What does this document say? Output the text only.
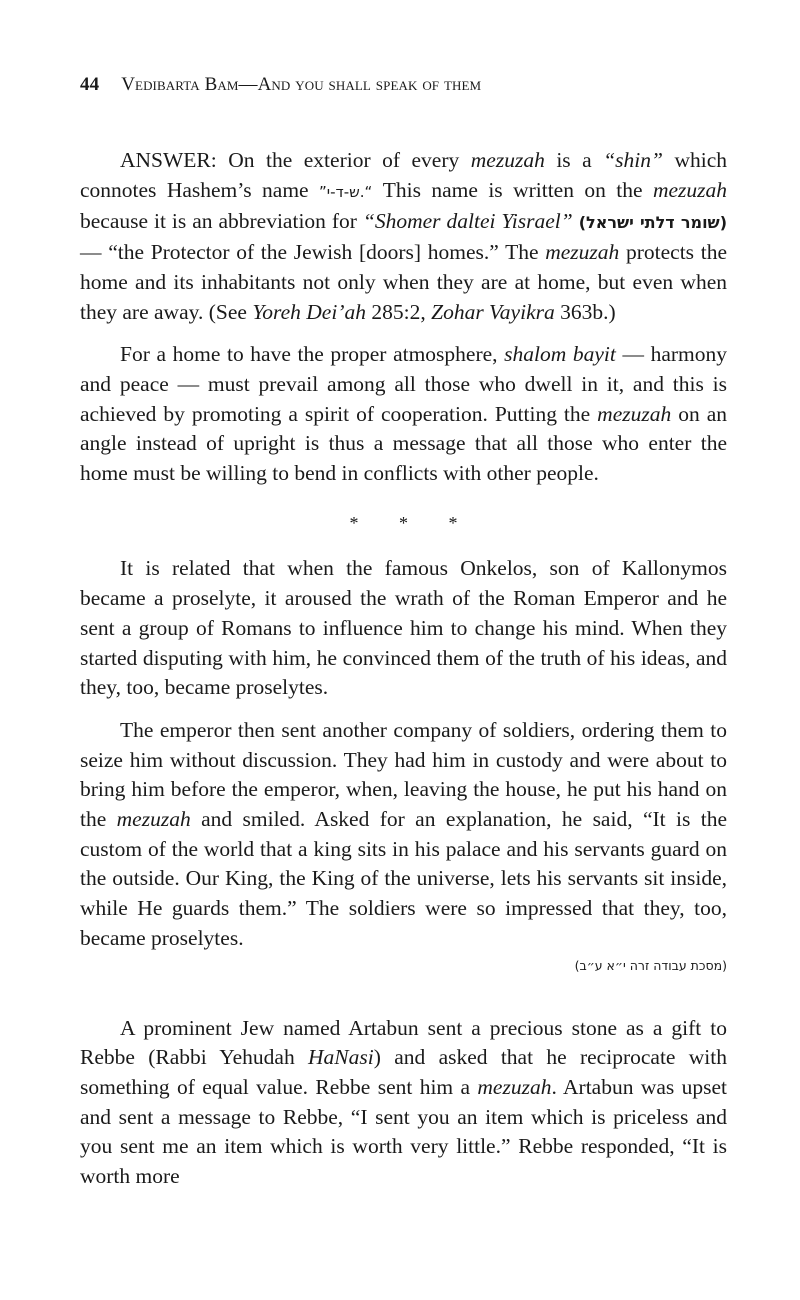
44 Vedibarta Bam—And you shall speak of them

ANSWER: On the exterior of every mezuzah is a “shin” which connotes Hashem’s name ”ש-ד-י.“ This name is written on the mezuzah because it is an abbreviation for “Shomer daltei Yisrael” (שומר דלתי ישראל) — “the Protector of the Jewish [doors] homes.” The mezuzah protects the home and its inhabitants not only when they are at home, but even when they are away. (See Yoreh Dei’ah 285:2, Zohar Vayikra 363b.)

For a home to have the proper atmosphere, shalom bayit — harmony and peace — must prevail among all those who dwell in it, and this is achieved by promoting a spirit of cooperation. Putting the mezuzah on an angle instead of upright is thus a message that all those who enter the home must be willing to bend in conflicts with other people.

* * *

It is related that when the famous Onkelos, son of Kallonymos became a proselyte, it aroused the wrath of the Roman Emperor and he sent a group of Romans to influence him to change his mind. When they started disputing with him, he convinced them of the truth of his ideas, and they, too, became proselytes.

The emperor then sent another company of soldiers, ordering them to seize him without discussion. They had him in custody and were about to bring him before the emperor, when, leaving the house, he put his hand on the mezuzah and smiled. Asked for an explanation, he said, “It is the custom of the world that a king sits in his palace and his servants guard on the outside. Our King, the King of the universe, lets his servants sit inside, while He guards them.” The soldiers were so impressed that they, too, became proselytes.

(מסכת עבודה זרה י״א ע״ב)

A prominent Jew named Artabun sent a precious stone as a gift to Rebbe (Rabbi Yehudah HaNasi) and asked that he reciprocate with something of equal value. Rebbe sent him a mezuzah. Artabun was upset and sent a message to Rebbe, “I sent you an item which is priceless and you sent me an item which is worth very little.” Rebbe responded, “It is worth more
